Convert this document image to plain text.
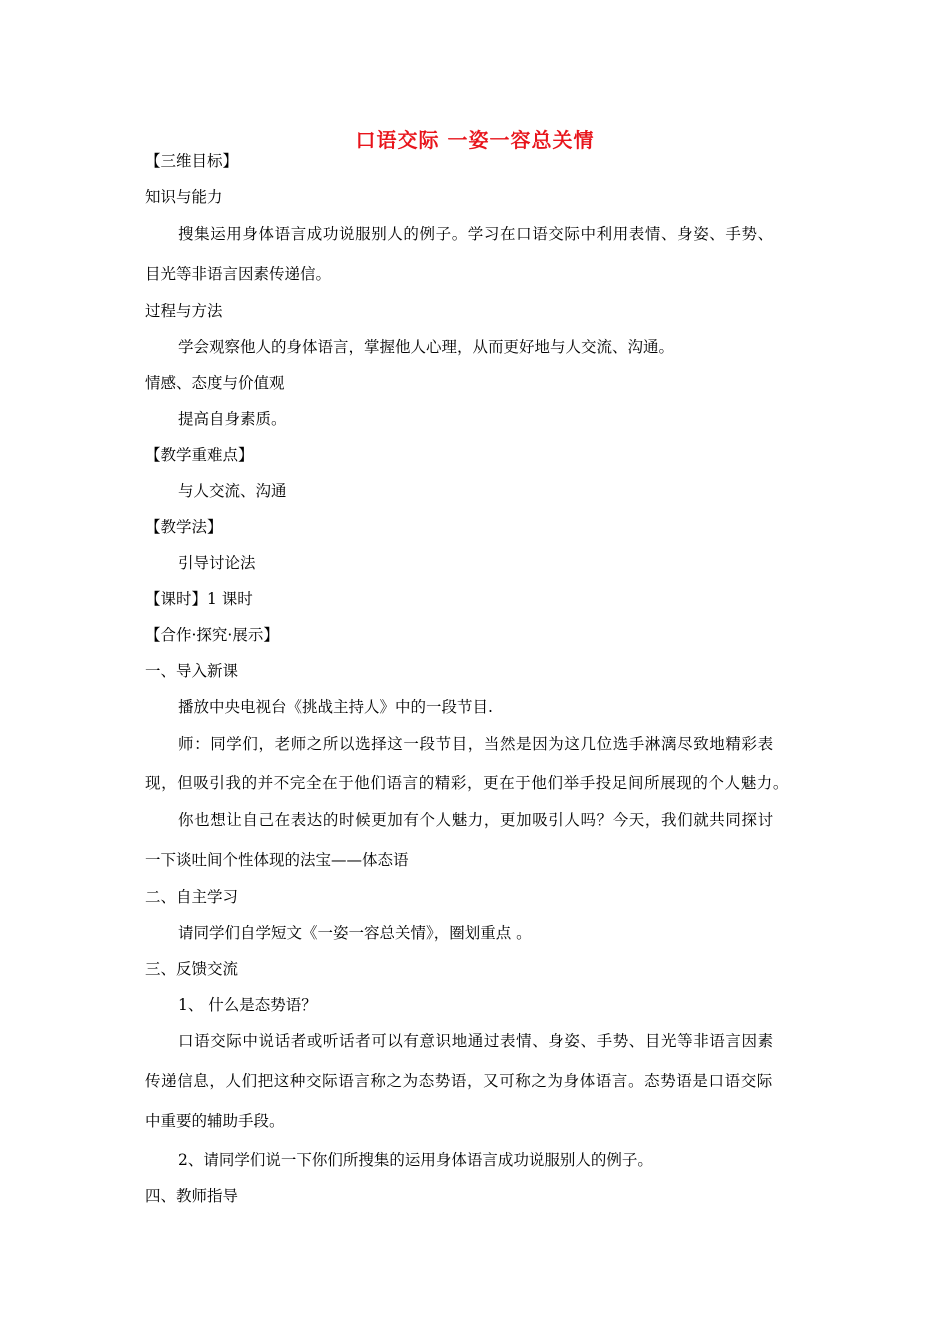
口语交际 一姿一容总关情
【三维目标】
知识与能力
搜集运用身体语言成功说服别人的例子。学习在口语交际中利用表情、身姿、手势、
目光等非语言因素传递信。
过程与方法
学会观察他人的身体语言，掌握他人心理，从而更好地与人交流、沟通。
情感、态度与价值观
提高自身素质。
【教学重难点】
与人交流、沟通
【教学法】
引导讨论法
【课时】1 课时
【合作·探究·展示】
一、导入新课
播放中央电视台《挑战主持人》中的一段节目.
师：同学们，老师之所以选择这一段节目，当然是因为这几位选手淋漓尽致地精彩表
现，但吸引我的并不完全在于他们语言的精彩，更在于他们举手投足间所展现的个人魅力。
你也想让自己在表达的时候更加有个人魅力，更加吸引人吗？今天，我们就共同探讨
一下谈吐间个性体现的法宝——体态语
二、自主学习
请同学们自学短文《一姿一容总关情》，圈划重点 。
三、反馈交流
1、 什么是态势语？
口语交际中说话者或听话者可以有意识地通过表情、身姿、手势、目光等非语言因素
传递信息，人们把这种交际语言称之为态势语，又可称之为身体语言。态势语是口语交际
中重要的辅助手段。
2、请同学们说一下你们所搜集的运用身体语言成功说服别人的例子。
四、教师指导
